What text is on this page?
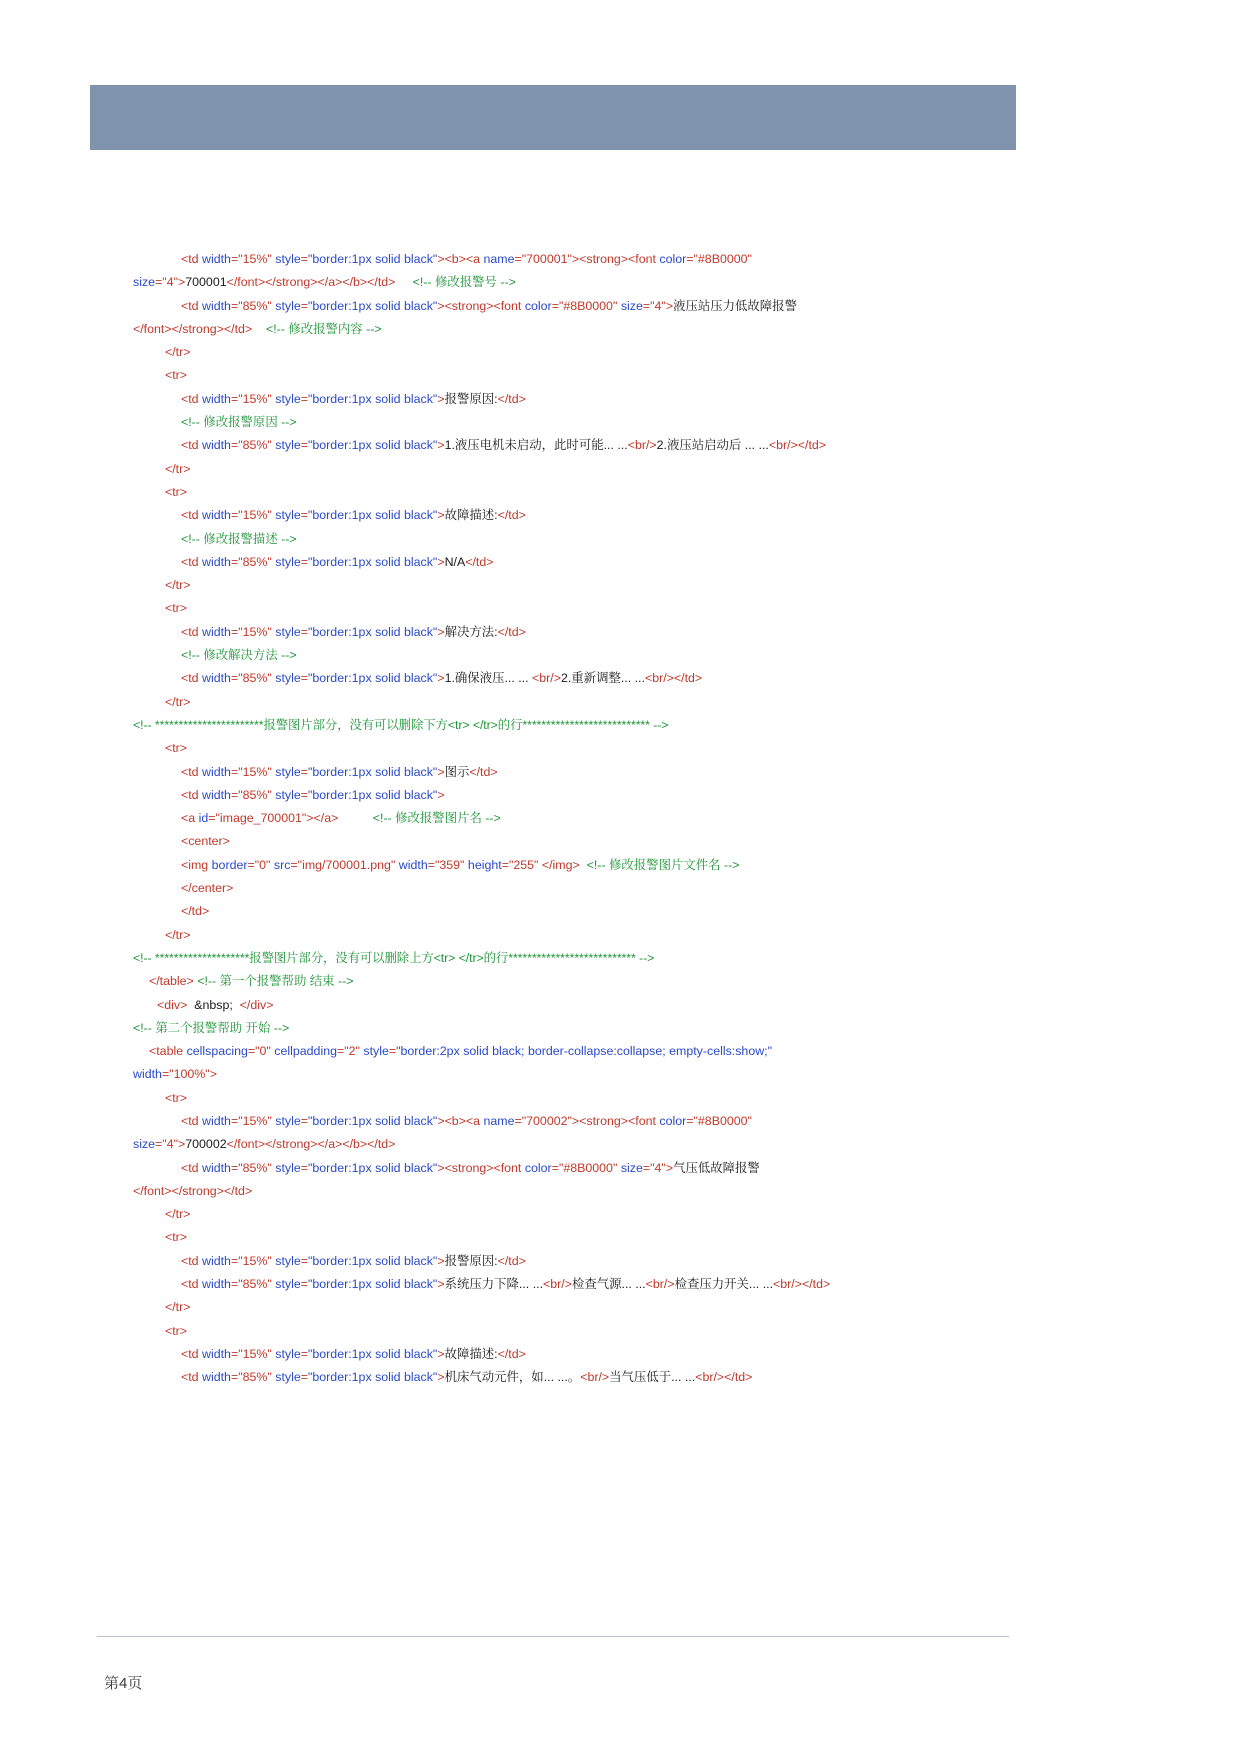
<td width="15%" style="border:1px solid black"><b><a name="700001"><strong><font color="#8B0000"
size="4">700001</font></strong></a></b></td> <!-- 修改报警号 -->
<td width="85%" style="border:1px solid black"><strong><font color="#8B0000" size="4">液压站压力低故障报警
</font></strong></td> <!-- 修改报警内容 -->
</tr>
<tr>
<td width="15%" style="border:1px solid black">报警原因:</td>
<!-- 修改报警原因 -->
<td width="85%" style="border:1px solid black">1.液压电机未启动，此时可能... ...<br/>2.液压站启动后 ... ...<br/></td>
</tr>
<tr>
<td width="15%" style="border:1px solid black">故障描述:</td>
<!-- 修改报警描述 -->
<td width="85%" style="border:1px solid black">N/A</td>
</tr>
<tr>
<td width="15%" style="border:1px solid black">解决方法:</td>
<!-- 修改解决方法 -->
<td width="85%" style="border:1px solid black">1.确保液压... ... <br/>2.重新调整... ...<br/></td>
</tr>
<!-- ***********************报警图片部分，没有可以删除下方<tr> </tr>的行*************************** -->
<tr>
<td width="15%" style="border:1px solid black">图示</td>
<td width="85%" style="border:1px solid black">
<a id="image_700001"></a>	<!-- 修改报警图片名 -->
<center>
<img border="0" src="img/700001.png" width="359" height="255" </img> <!-- 修改报警图片文件名 -->
</center>
</td>
</tr>
<!-- ********************报警图片部分，没有可以删除上方<tr> </tr>的行*************************** -->
</table> <!-- 第一个报警帮助 结束 -->
<div>  &nbsp;  </div>
<!-- 第二个报警帮助 开始 -->
<table cellspacing="0" cellpadding="2" style="border:2px solid black; border-collapse:collapse; empty-cells:show;"
width="100%">
<tr>
<td width="15%" style="border:1px solid black"><b><a name="700002"><strong><font color="#8B0000"
size="4">700002</font></strong></a></b></td>
<td width="85%" style="border:1px solid black"><strong><font color="#8B0000" size="4">气压低故障报警
</font></strong></td>
</tr>
<tr>
<td width="15%" style="border:1px solid black">报警原因:</td>
<td width="85%" style="border:1px solid black">系统压力下降... ...<br/>检查气源... ...<br/>检查压力开关... ...<br/></td>
</tr>
<tr>
<td width="15%" style="border:1px solid black">故障描述:</td>
<td width="85%" style="border:1px solid black">机床气动元件，如... ...。<br/>当气压低于... ...<br/></td>
第4页
